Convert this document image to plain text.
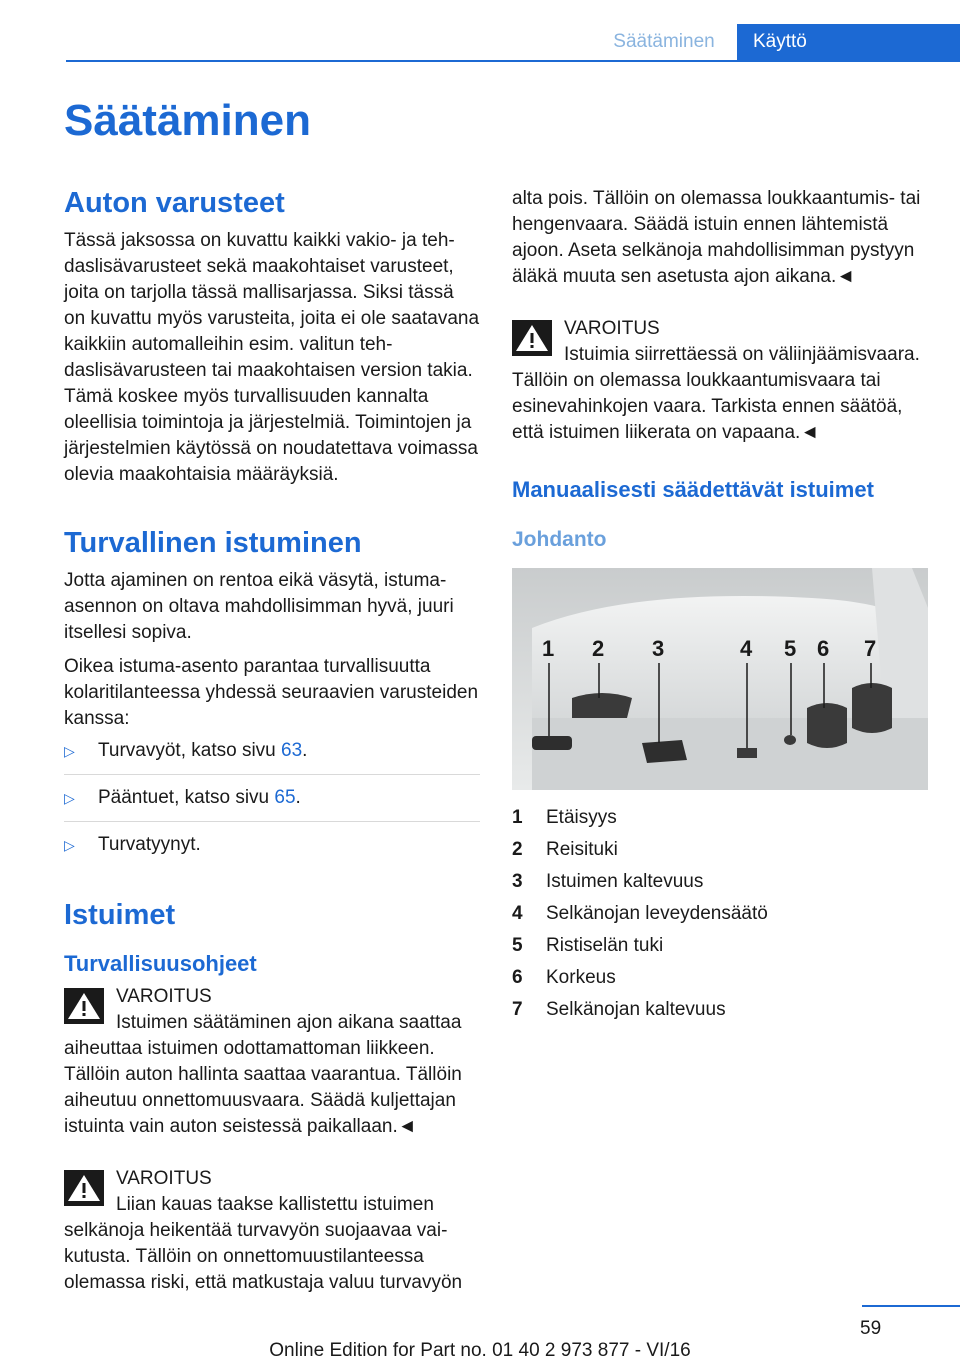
Säätäminen	Käyttö
Säätäminen
Auton varusteet

Tässä jaksossa on kuvattu kaikki vakio- ja tehdaslisävarusteet sekä maakohtaiset varusteet, joita on tarjolla tässä mallisarjassa. Siksi tässä on kuvattu myös varusteita, joita ei ole saatavana kaikkiin automalleihin esim. valitun tehdaslisävarusteen tai maakohtaisen version takia. Tämä koskee myös turvallisuuden kannalta oleellisia toimintoja ja järjestelmiä. Toimintojen ja järjestelmien käytössä on noudatettava voimassa olevia maakohtaisia määräyksiä.

Turvallinen istuminen

Jotta ajaminen on rentoa eikä väsytä, istuma-asennon on oltava mahdollisimman hyvä, juuri itsellesi sopiva.

Oikea istuma-asento parantaa turvallisuutta kolaritilanteessa yhdessä seuraavien varusteiden kanssa:

▷	Turvavyöt, katso sivu 63.
▷	Pääntuet, katso sivu 65.
▷	Turvatyynyt.
Istuimet
Turvallisuusohjeet
VAROITUS

Istuimen säätäminen ajon aikana saattaa aiheuttaa istuimen odottamattoman liikkeen. Tällöin auton hallinta saattaa vaarantua. Tällöin aiheutuu onnettomuusvaara. Säädä kuljettajan istuinta vain auton seistessä paikallaan.◄

VAROITUS

Liian kauas taakse kallistettu istuimen selkänoja heikentää turvavyön suojaavaa vaikutusta. Tällöin on onnettomuustilanteessa olemassa riski, että matkustaja valuu turvavyön

alta pois. Tällöin on olemassa loukkaantumis- tai hengenvaara. Säädä istuin ennen lähtemistä ajoon. Aseta selkänoja mahdollisimman pystyyn äläkä muuta sen asetusta ajon aikana.◄

VAROITUS

Istuimia siirrettäessä on väliinjäämisvaara. Tällöin on olemassa loukkaantumisvaara tai esinevahinkojen vaara. Tarkista ennen säätöä, että istuimen liikerata on vapaana.◄

Manuaalisesti säädettävät istuimet
Johdanto
1 2 3	4 5 6 7
1	Etäisyys
2	Reisituki
3	Istuimen kaltevuus
4	Selkänojan leveydensäätö
5	Ristiselän tuki
6	Korkeus
7	Selkänojan kaltevuus
59
Online Edition for Part no. 01 40 2 973 877 - VI/16
